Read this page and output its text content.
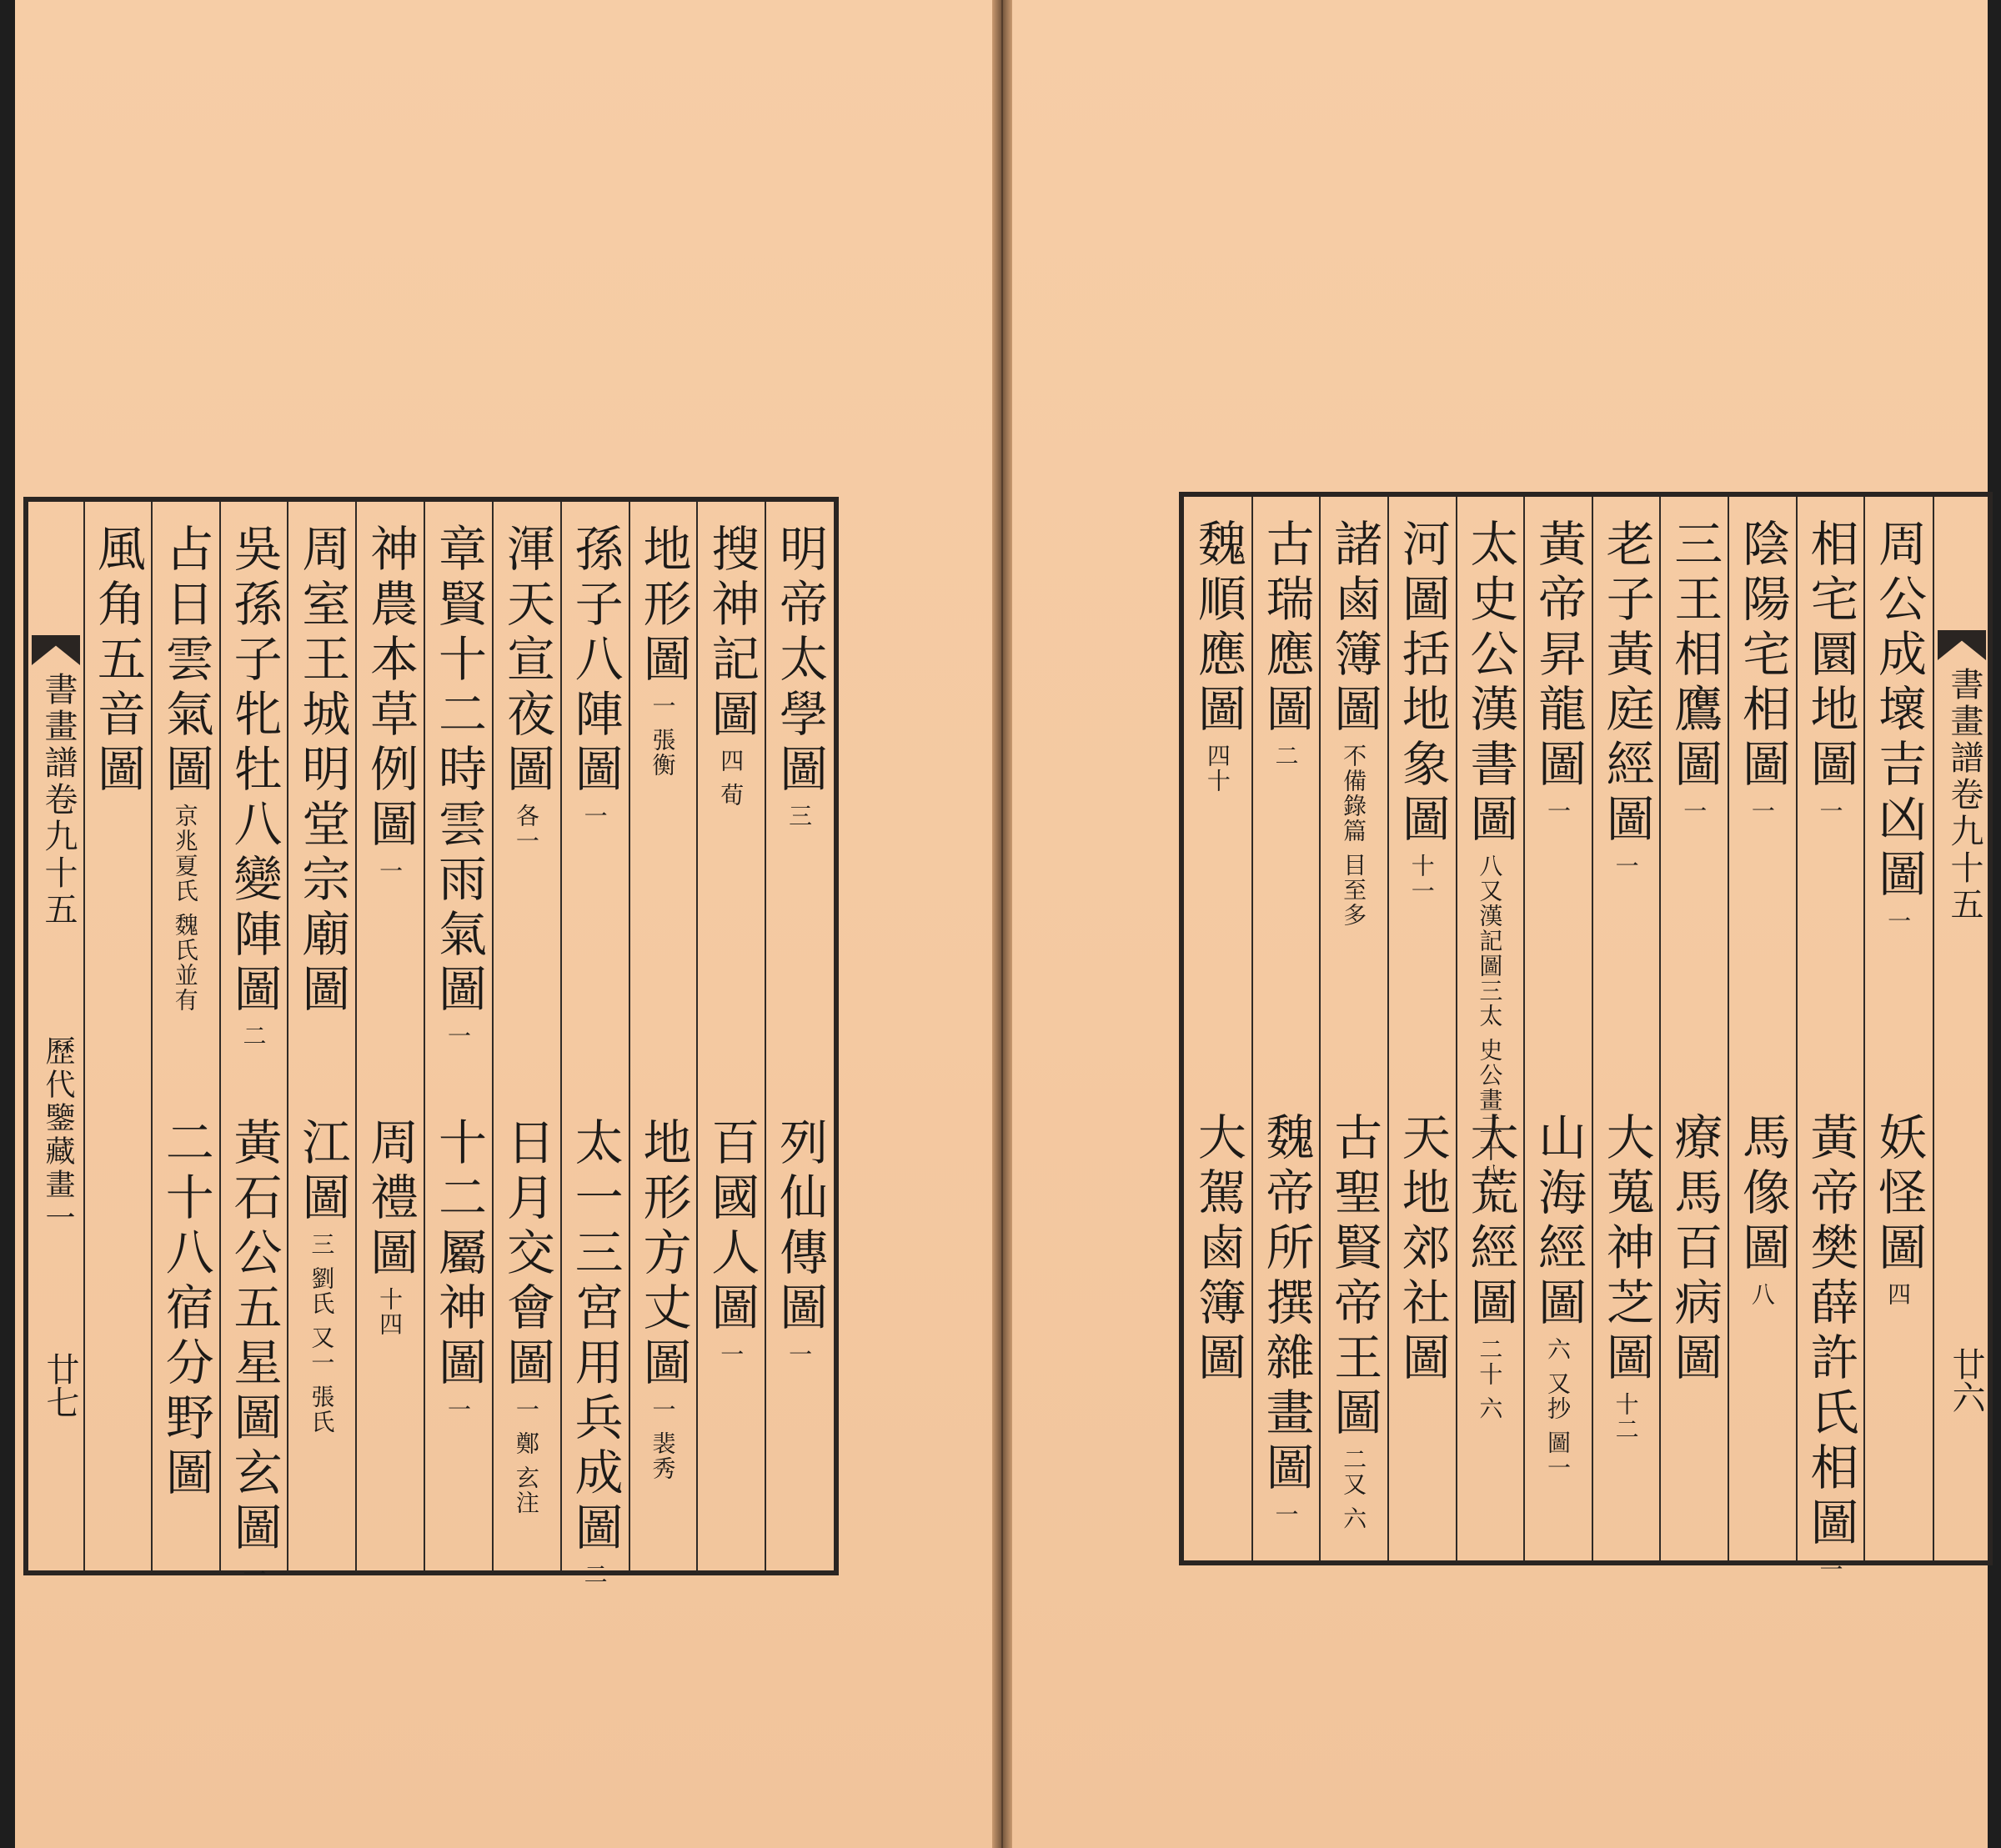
明帝太學圖
三
列仙傳圖
一
搜神記圖
四 荀
百國人圖
一
地形圖
一 張衡
地形方丈圖
一 裴秀
孫子八陣圖
一
太一三宮用兵成圖
二
渾天宣夜圖
各一
日月交會圖
一 鄭 玄注
章賢十二時雲雨氣圖
一
十二屬神圖
一
神農本草例圖
一
周禮圖
十四
周室王城明堂宗廟圖
江圖
三 劉氏 又一 張氏
吳孫子牝牡八變陣圖
二
黃石公五星圖玄圖
一
占日雲氣圖
京兆夏氏 魏氏並有
二十八宿分野圖
風角五音圖
書畫譜卷九十五
歷代鑒藏畫一
廿七
周公成壞吉凶圖
一
妖怪圖
四
相宅圜地圖
一
黃帝樊薛許氏相圖
一
陰陽宅相圖
一
馬像圖
八
三王相鷹圖
一
療馬百病圖
老子黃庭經圖
一
大蒐神芝圖
十二
黃帝昇龍圖
一
山海經圖
六 又抄 圖一
太史公漢書圖
八又漢記圖三太 史公畫二十八人
大荒經圖
二十 六
河圖括地象圖
十一
天地郊社圖
諸鹵簿圖
不備錄篇 目至多
古聖賢帝王圖
二又 六
古瑞應圖
二
魏帝所撰雜畫圖
一
魏順應圖
四十
大駕鹵簿圖
書畫譜卷九十五
廿六
